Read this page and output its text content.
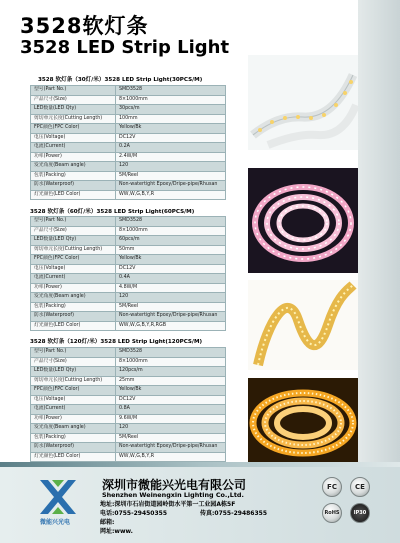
3528软灯条
3528 LED Strip Light
3528 软灯条（30灯/米）3528 LED Strip Light(30PCS/M)
型号(Part No.)	SMD3528
产品尺寸(Size)	8×1000mm
LED数量(LED Qty)	30pcs/m
剪切单元长度(Cutting Length)	100mm
FPC颜色(FPC Color)	Yellow/Bk
电压(Voltage)	DC12V
电流(Current)	0.2A
功率(Power)	2.4W/M
发光角度(Beam angle)	120
包装(Packing)	5M/Reel
防水(Waterproof)	Non-watertight Epoxy/Dripe-pipe/Rhusan
灯光颜色(LED Color)	WW,W,G,B,Y,R
3528 软灯条（60灯/米）3528 LED Strip Light(60PCS/M)
型号(Part No.)	SMD3528
产品尺寸(Size)	8×1000mm
LED数量(LED Qty)	60pcs/m
剪切单元长度(Cutting Length)	50mm
FPC颜色(FPC Color)	Yellow/Bk
电压(Voltage)	DC12V
电流(Current)	0.4A
功率(Power)	4.8W/M
发光角度(Beam angle)	120
包装(Packing)	5M/Reel
防水(Waterproof)	Non-watertight Epoxy/Dripe-pipe/Rhusan
灯光颜色(LED Color)	WW,W,G,B,Y,R,RGB
3528 软灯条（120灯/米）3528 LED Strip Light(120PCS/M)
型号(Part No.)	SMD3528
产品尺寸(Size)	8×1000mm
LED数量(LED Qty)	120pcs/m
剪切单元长度(Cutting Length)	25mm
FPC颜色(FPC Color)	Yellow/Bk
电压(Voltage)	DC12V
电流(Current)	0.8A
功率(Power)	9.6W/M
发光角度(Beam angle)	120
包装(Packing)	5M/Reel
防水(Waterproof)	Non-watertight Epoxy/Dripe-pipe/Rhusan
灯光颜色(LED Color)	WW,W,G,B,Y,R
微能兴光电
深圳市微能兴光电有限公司
Shenzhen Weinengxin Lighting Co.,Ltd.
地址:深圳市石岩街道园岭街水平第一工业园A栋5F
电话:0755-29450355	传真:0755-29486355
邮箱:
网址:www.
FC	CE
RoHS	IP30
